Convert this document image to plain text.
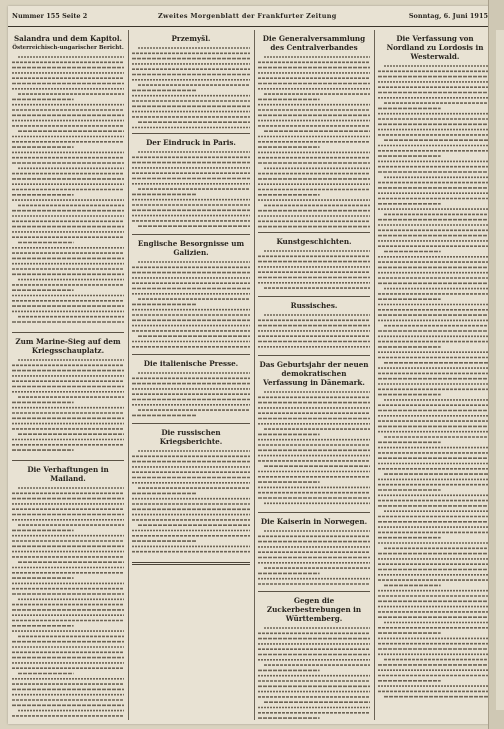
Nummer 155 Seite 2	Zweites Morgenblatt der Frankfurter Zeitung	Sonntag, 6. Juni 1915
Salandra und dem Kapitol.
Österreichisch-ungarischer Bericht.
Zum Marine-Sieg auf dem Kriegsschauplatz.
Die Verhaftungen in Mailand.
Przemyšl.
Der Eindruck in Paris.
Englische Besorgnisse um Galizien.
Die italienische Presse.
Die russischen Kriegsberichte.
Die Generalversammlung des Centralverbandes
Kunstgeschichten.
Russisches.
Das Geburtsjahr der neuen demokratischen Verfassung in Dänemark.
Die Kaiserin in Norwegen.
Gegen die Zuckerbestrebungen in Württemberg.
Die Verfassung von Nordland zu Lordosis in Westerwald.
